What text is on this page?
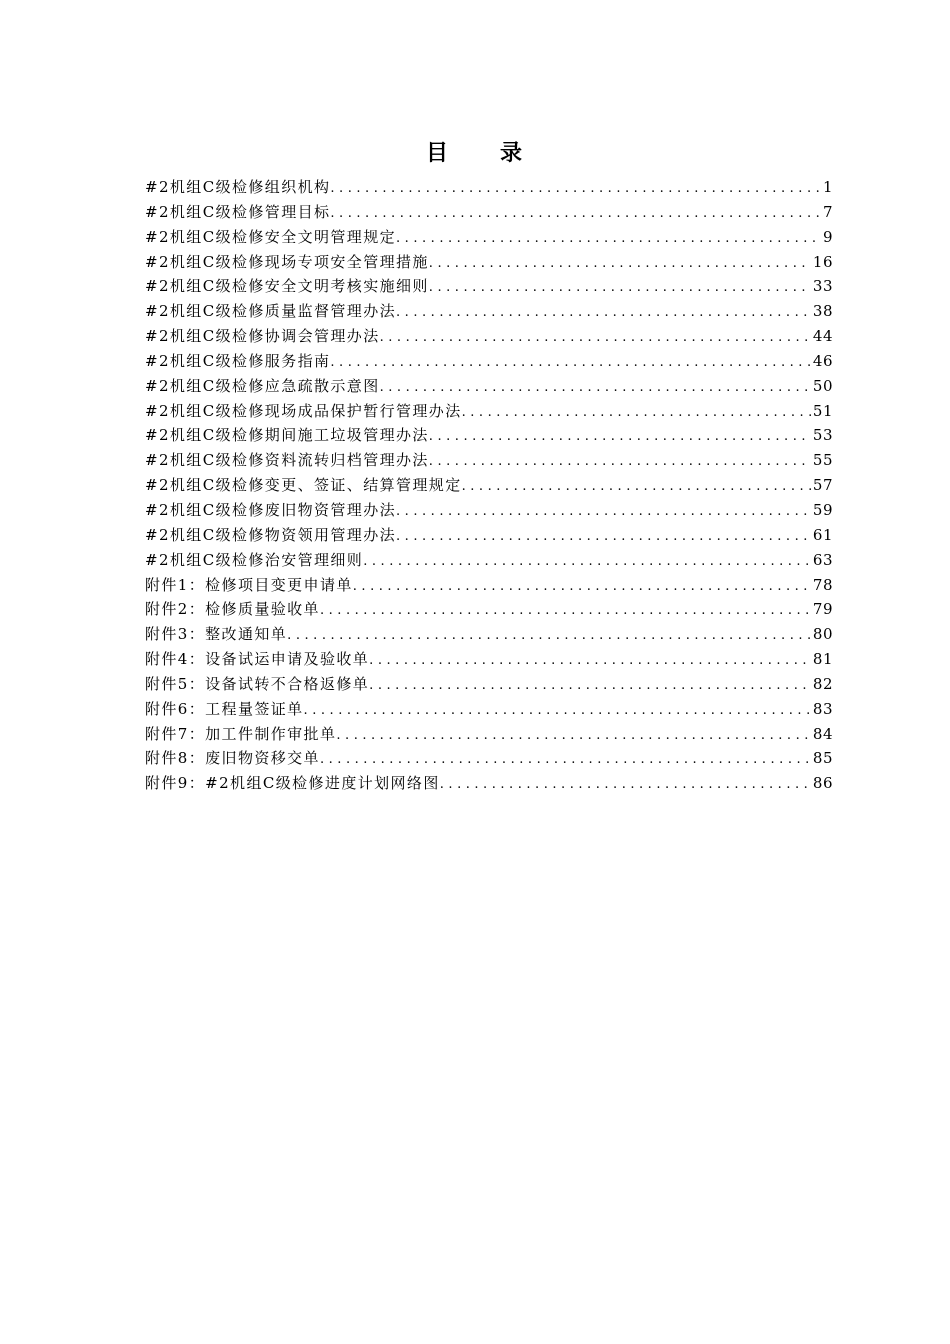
目 录
#2机组C级检修组织机构 . . .	1
#2机组C级检修管理目标 . . .	7
#2机组C级检修安全文明管理规定 . . .	9
#2机组C级检修现场专项安全管理措施 . . .	16
#2机组C级检修安全文明考核实施细则 . . .	33
#2机组C级检修质量监督管理办法 . . .	38
#2机组C级检修协调会管理办法 . . .	44
#2机组C级检修服务指南 . . .	46
#2机组C级检修应急疏散示意图 . . .	50
#2机组C级检修现场成品保护暂行管理办法 . . .	51
#2机组C级检修期间施工垃圾管理办法 . . .	53
#2机组C级检修资料流转归档管理办法 . . .	55
#2机组C级检修变更、签证、结算管理规定 . . .	57
#2机组C级检修废旧物资管理办法 . . .	59
#2机组C级检修物资领用管理办法 . . .	61
#2机组C级检修治安管理细则 . . .	63
附件1：检修项目变更申请单 . . .	78
附件2：检修质量验收单 . . .	79
附件3：整改通知单 . . .	80
附件4：设备试运申请及验收单 . . .	81
附件5：设备试转不合格返修单 . . .	82
附件6：工程量签证单 . . .	83
附件7：加工件制作审批单 . . .	84
附件8：废旧物资移交单 . . .	85
附件9：#2机组C级检修进度计划网络图 . . .	86
